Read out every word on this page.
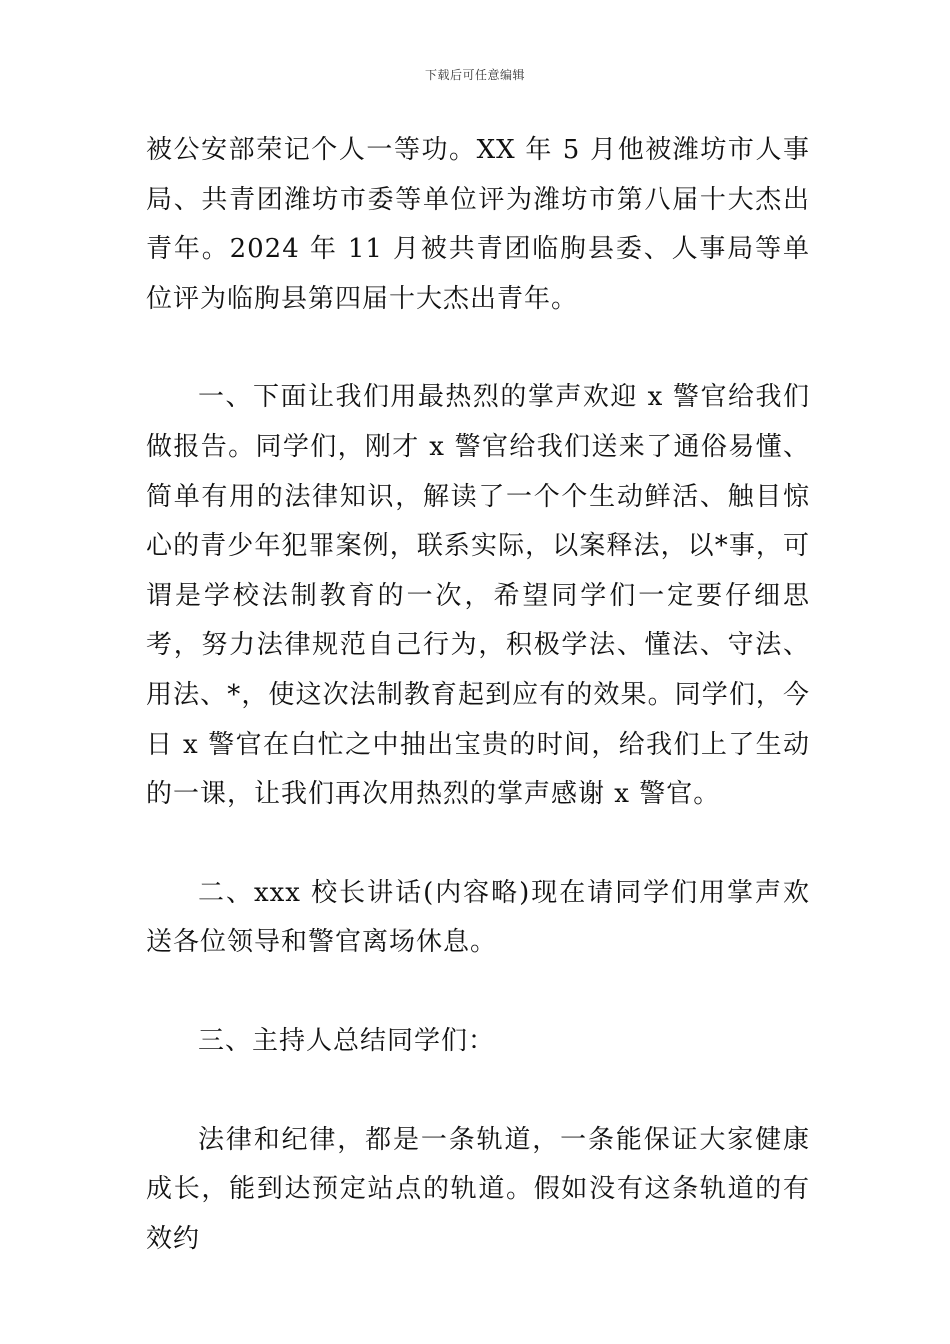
下载后可任意编辑

被公安部荣记个人一等功。XX 年 5 月他被潍坊市人事局、共青团潍坊市委等单位评为潍坊市第八届十大杰出青年。2024 年 11 月被共青团临朐县委、人事局等单位评为临朐县第四届十大杰出青年。

一、下面让我们用最热烈的掌声欢迎 x 警官给我们做报告。同学们，刚才 x 警官给我们送来了通俗易懂、简单有用的法律知识，解读了一个个生动鲜活、触目惊心的青少年犯罪案例，联系实际，以案释法，以*事，可谓是学校法制教育的一次，希望同学们一定要仔细思考，努力法律规范自己行为，积极学法、懂法、守法、用法、*，使这次法制教育起到应有的效果。同学们，今日 x 警官在白忙之中抽出宝贵的时间，给我们上了生动的一课，让我们再次用热烈的掌声感谢 x 警官。

二、xxx 校长讲话(内容略)现在请同学们用掌声欢送各位领导和警官离场休息。

三、主持人总结同学们：

法律和纪律，都是一条轨道，一条能保证大家健康成长，能到达预定站点的轨道。假如没有这条轨道的有效约
